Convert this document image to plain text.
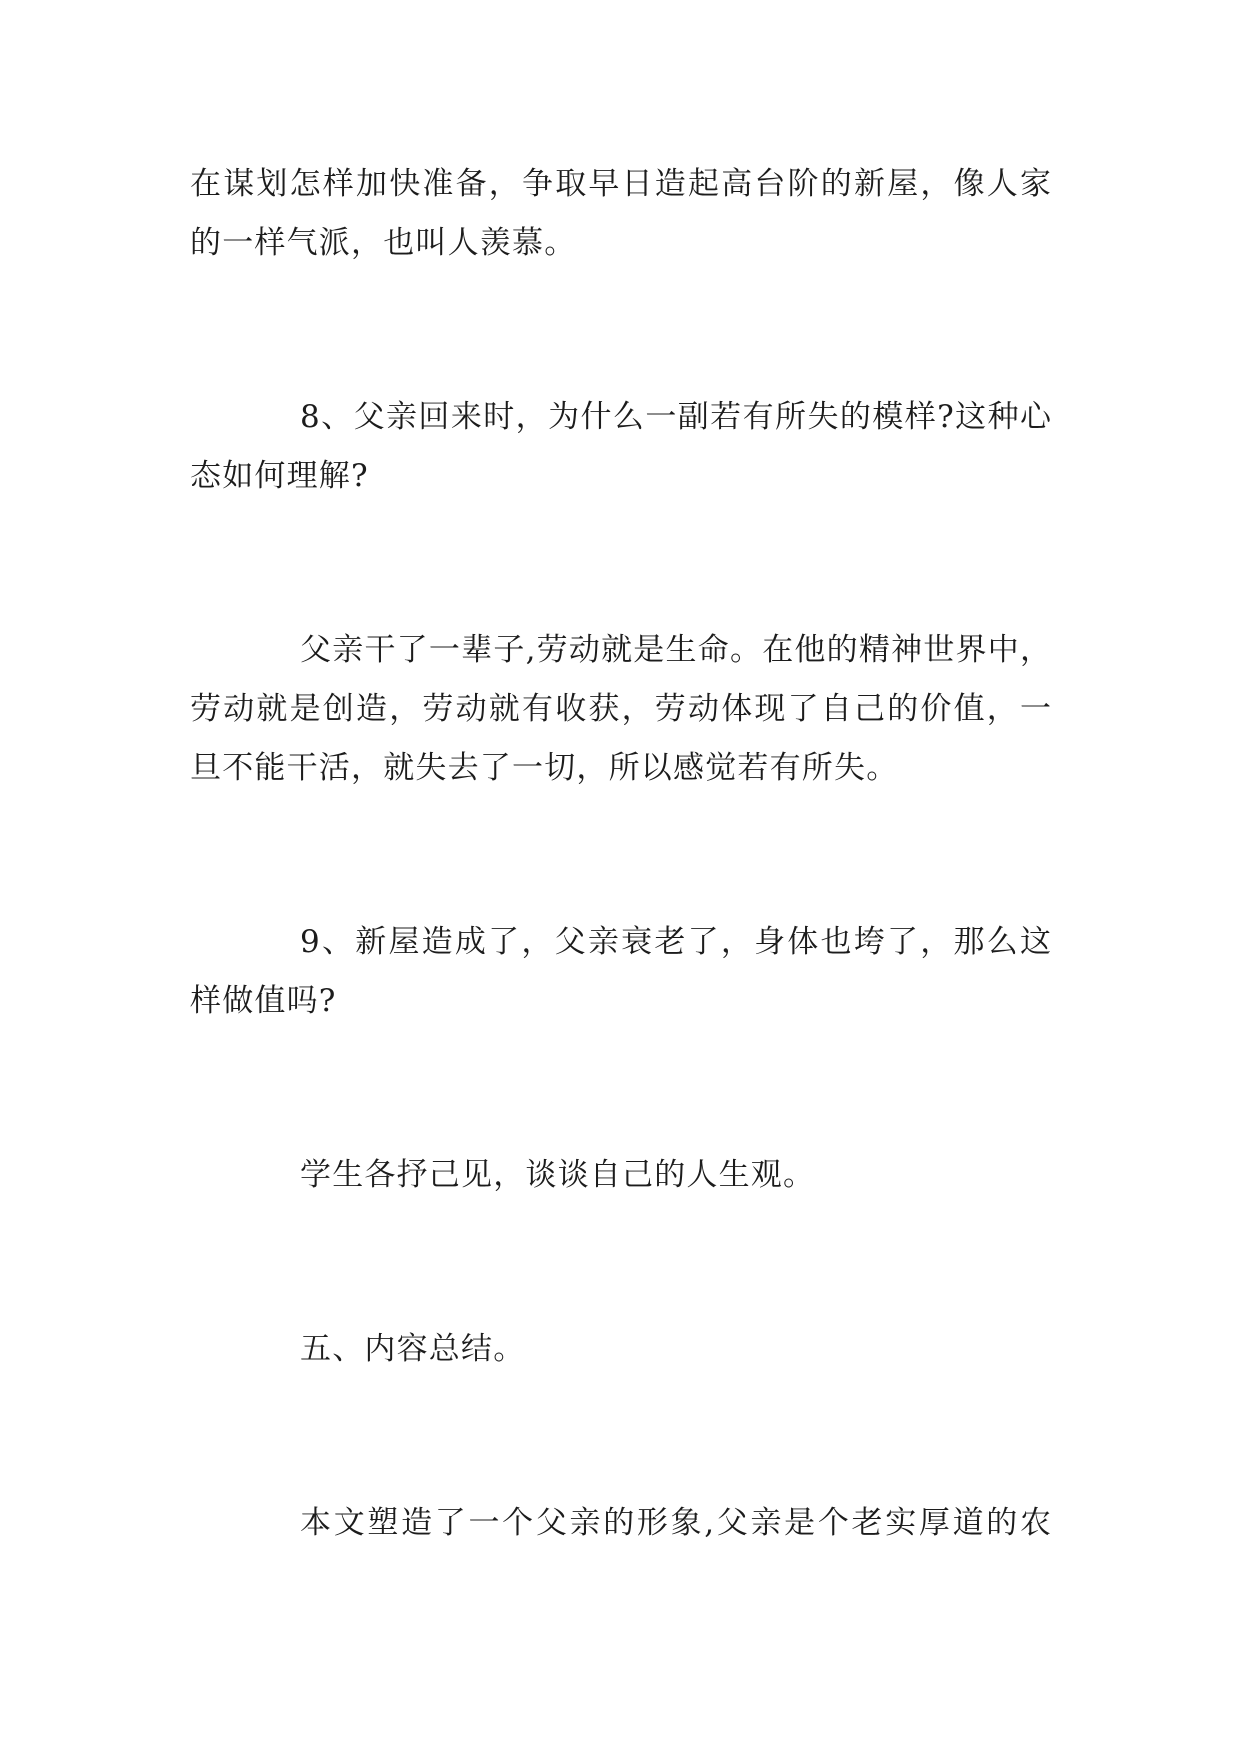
在谋划怎样加快准备，争取早日造起高台阶的新屋，像人家
的一样气派，也叫人羡慕。
8、父亲回来时，为什么一副若有所失的模样?这种心
态如何理解?
父亲干了一辈子,劳动就是生命。在他的精神世界中，
劳动就是创造，劳动就有收获，劳动体现了自己的价值，一
旦不能干活，就失去了一切，所以感觉若有所失。
9、新屋造成了，父亲衰老了，身体也垮了，那么这
样做值吗?
学生各抒己见，谈谈自己的人生观。
五、内容总结。
本文塑造了一个父亲的形象,父亲是个老实厚道的农
